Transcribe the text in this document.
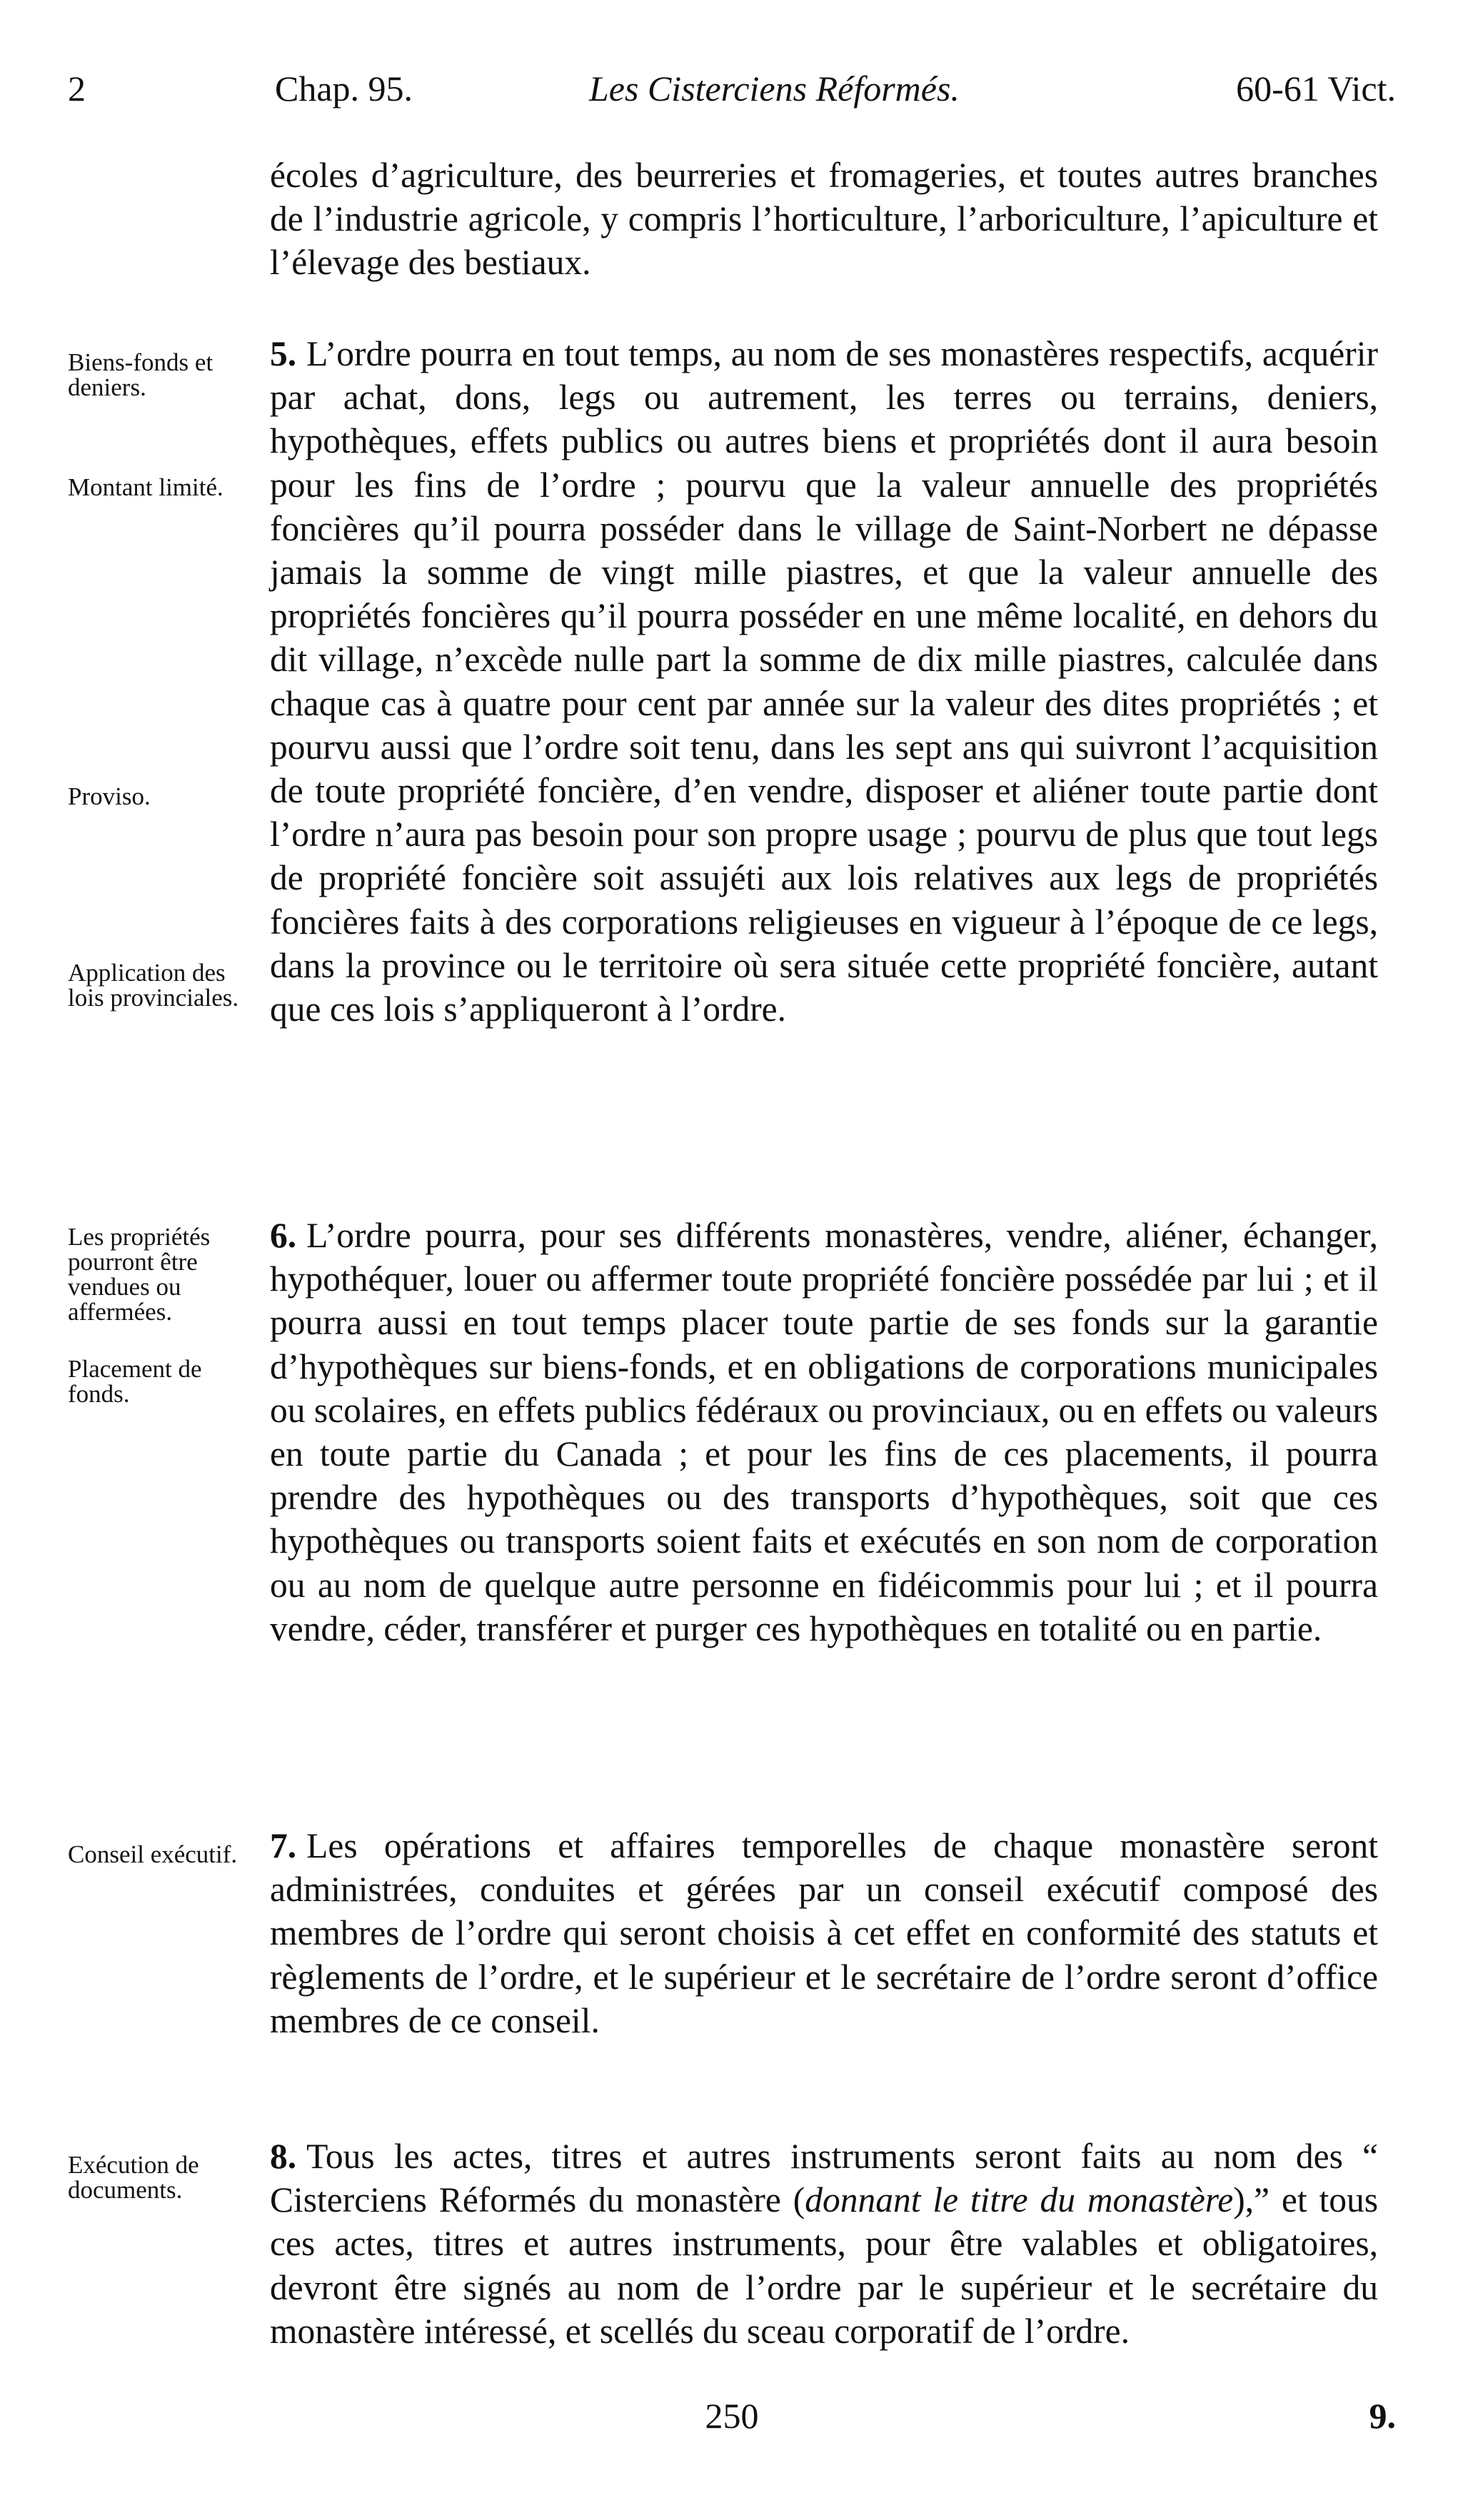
2	Chap. 95.	Les Cisterciens Réformés.	60-61 Vict.

écoles d’agriculture, des beurreries et fromageries, et toutes autres branches de l’industrie agricole, y compris l’horticulture, l’arboriculture, l’apiculture et l’élevage des bestiaux.

5. L’ordre pourra en tout temps, au nom de ses monastères respectifs, acquérir par achat, dons, legs ou autrement, les terres ou terrains, deniers, hypothèques, effets publics ou autres biens et propriétés dont il aura besoin pour les fins de l’ordre ; pourvu que la valeur annuelle des propriétés foncières qu’il pourra posséder dans le village de Saint-Norbert ne dépasse jamais la somme de vingt mille piastres, et que la valeur annuelle des propriétés foncières qu’il pourra posséder en une même localité, en dehors du dit village, n’excède nulle part la somme de dix mille piastres, calculée dans chaque cas à quatre pour cent par année sur la valeur des dites propriétés ; et pourvu aussi que l’ordre soit tenu, dans les sept ans qui suivront l’acquisition de toute propriété foncière, d’en vendre, disposer et aliéner toute partie dont l’ordre n’aura pas besoin pour son propre usage ; pourvu de plus que tout legs de propriété foncière soit assujéti aux lois relatives aux legs de propriétés foncières faits à des corporations religieuses en vigueur à l’époque de ce legs, dans la province ou le territoire où sera située cette propriété foncière, autant que ces lois s’appliqueront à l’ordre.

6. L’ordre pourra, pour ses différents monastères, vendre, aliéner, échanger, hypothéquer, louer ou affermer toute propriété foncière possédée par lui ; et il pourra aussi en tout temps placer toute partie de ses fonds sur la garantie d’hypothèques sur biens-fonds, et en obligations de corporations municipales ou scolaires, en effets publics fédéraux ou provinciaux, ou en effets ou valeurs en toute partie du Canada ; et pour les fins de ces placements, il pourra prendre des hypothèques ou des transports d’hypothèques, soit que ces hypothèques ou transports soient faits et exécutés en son nom de corporation ou au nom de quelque autre personne en fidéicommis pour lui ; et il pourra vendre, céder, transférer et purger ces hypothèques en totalité ou en partie.

7. Les opérations et affaires temporelles de chaque monastère seront administrées, conduites et gérées par un conseil exécutif composé des membres de l’ordre qui seront choisis à cet effet en conformité des statuts et règlements de l’ordre, et le supérieur et le secrétaire de l’ordre seront d’office membres de ce conseil.

8. Tous les actes, titres et autres instruments seront faits au nom des “ Cisterciens Réformés du monastère (donnant le titre du monastère),” et tous ces actes, titres et autres instruments, pour être valables et obligatoires, devront être signés au nom de l’ordre par le supérieur et le secrétaire du monastère intéressé, et scellés du sceau corporatif de l’ordre.

Biens-fonds et deniers.

Montant limité.

Proviso.

Application des lois provinciales.

Les propriétés pourront être vendues ou affermées.

Placement de fonds.

Conseil exécutif.

Exécution de documents.

250	9.
